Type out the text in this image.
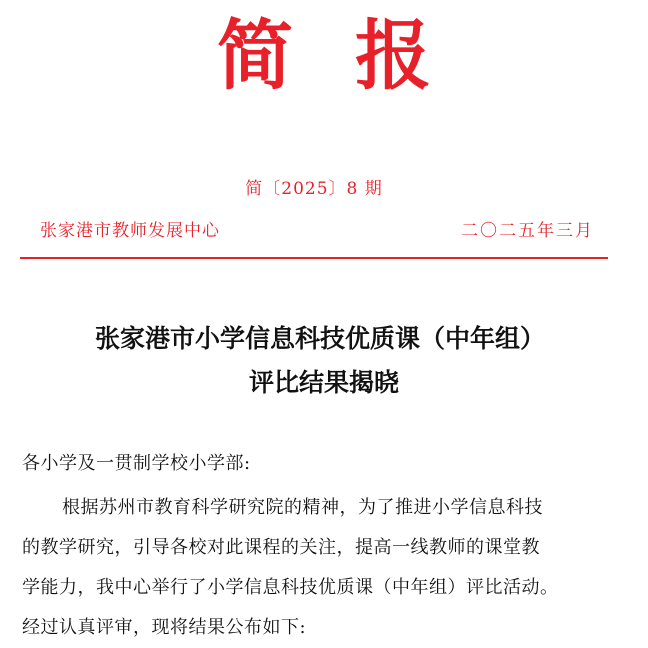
简报
简〔2025〕8 期
张家港市教师发展中心	二〇二五年三月
张家港市小学信息科技优质课（中年组）
评比结果揭晓
各小学及一贯制学校小学部:
根据苏州市教育科学研究院的精神，为了推进小学信息科技
的教学研究，引导各校对此课程的关注，提高一线教师的课堂教
学能力，我中心举行了小学信息科技优质课（中年组）评比活动。
经过认真评审，现将结果公布如下:
